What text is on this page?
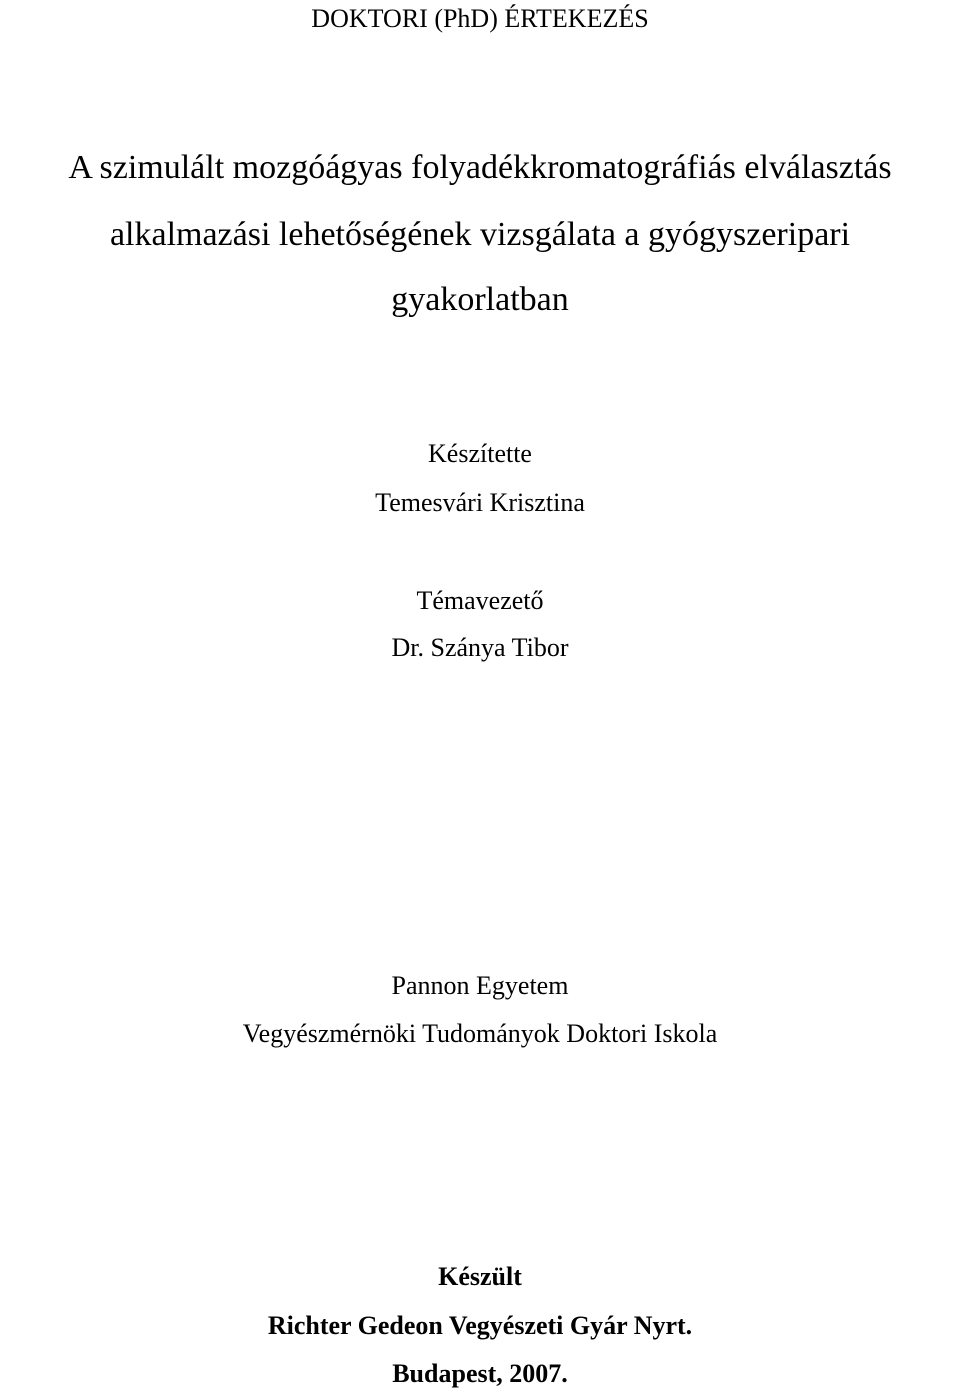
DOKTORI (PhD) ÉRTEKEZÉS
A szimulált mozgóágyas folyadékkromatográfiás elválasztás
alkalmazási lehetőségének vizsgálata a gyógyszeripari
gyakorlatban
Készítette
Temesvári Krisztina
Témavezető
Dr. Szánya Tibor
Pannon Egyetem
Vegyészmérnöki Tudományok Doktori Iskola
Készült
Richter Gedeon Vegyészeti Gyár Nyrt.
Budapest, 2007.
